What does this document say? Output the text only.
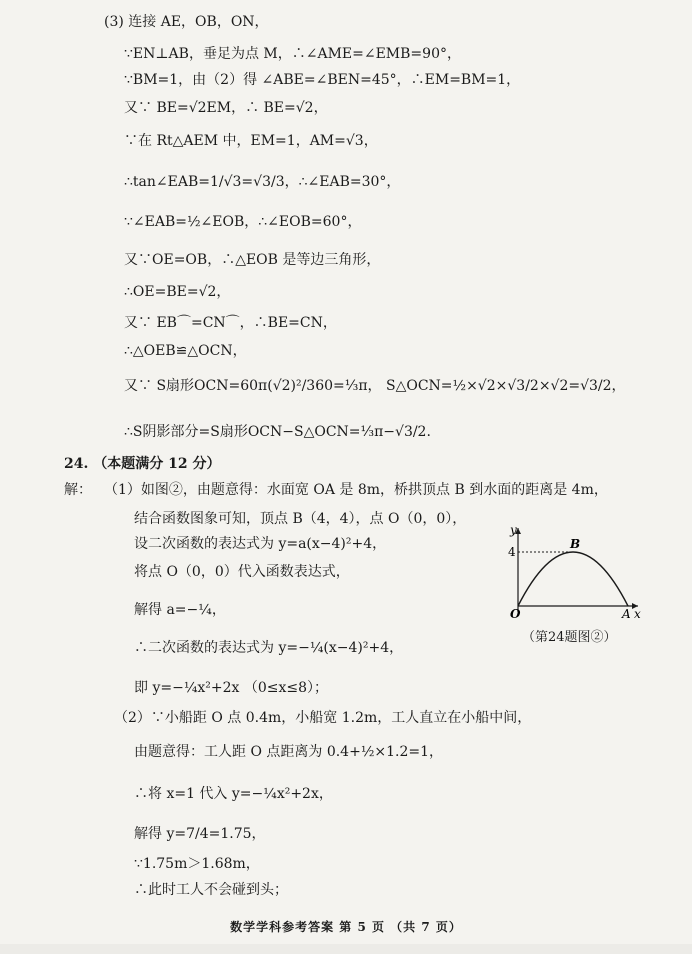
(3) 连接 AE，OB，ON，
∵EN⊥AB，垂足为点 M，∴∠AME=∠EMB=90°，
∵BM=1，由（2）得 ∠ABE=∠BEN=45°，∴EM=BM=1，
又∵ BE=√2EM，∴ BE=√2，
∵在 Rt△AEM 中，EM=1，AM=√3，
∴tan∠EAB=1/√3=√3/3，∴∠EAB=30°，
∵∠EAB=½∠EOB，∴∠EOB=60°，
又∵OE=OB，∴△EOB 是等边三角形，
∴OE=BE=√2，
又∵ EB⌒=CN⌒，∴BE=CN，
∴△OEB≌△OCN，
又∵ S扇形OCN=60π(√2)²/360=⅓π， S△OCN=½×√2×√3/2×√2=√3/2，
∴S阴影部分=S扇形OCN−S△OCN=⅓π−√3/2.
24. （本题满分 12 分）
解： （1）如图②，由题意得：水面宽 OA 是 8m，桥拱顶点 B 到水面的距离是 4m，
结合函数图象可知，顶点 B（4，4），点 O（0，0），
设二次函数的表达式为 y=a(x−4)²+4，
将点 O（0，0）代入函数表达式，
解得 a=−¼，
∴二次函数的表达式为 y=−¼(x−4)²+4，
即 y=−¼x²+2x （0≤x≤8）；
（2）∵小船距 O 点 0.4m，小船宽 1.2m，工人直立在小船中间，
由题意得：工人距 O 点距离为 0.4+½×1.2=1，
∴将 x=1 代入 y=−¼x²+2x，
解得 y=7/4=1.75，
∵1.75m＞1.68m，
∴此时工人不会碰到头；
y
4
B
O	A x
（第24题图②）
数学学科参考答案 第 5 页 （共 7 页）
